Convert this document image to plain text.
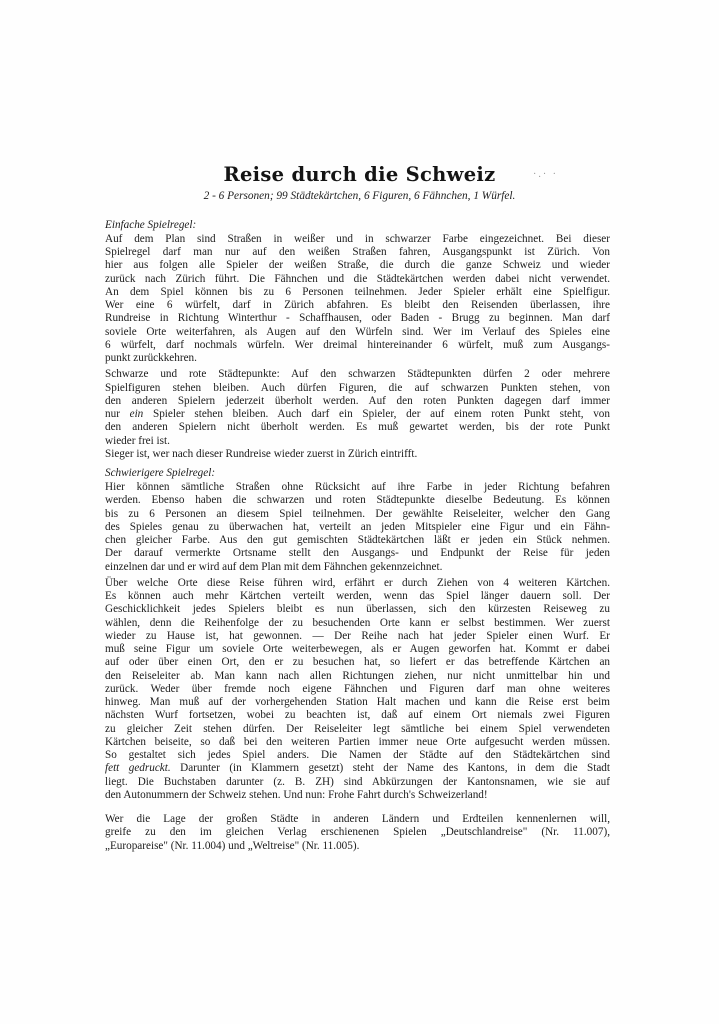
Reise durch die Schweiz	·.· ·
2 - 6 Personen; 99 Städtekärtchen, 6 Figuren, 6 Fähnchen, 1 Würfel.

Einfache Spielregel:

Auf dem Plan sind Straßen in weißer und in schwarzer Farbe eingezeichnet. Bei dieser
Spielregel darf man nur auf den weißen Straßen fahren, Ausgangspunkt ist Zürich. Von
hier aus folgen alle Spieler der weißen Straße, die durch die ganze Schweiz und wieder
zurück nach Zürich führt. Die Fähnchen und die Städtekärtchen werden dabei nicht verwendet.
An dem Spiel können bis zu 6 Personen teilnehmen. Jeder Spieler erhält eine Spielfigur.
Wer eine 6 würfelt, darf in Zürich abfahren. Es bleibt den Reisenden überlassen, ihre
Rundreise in Richtung Winterthur - Schaffhausen, oder Baden - Brugg zu beginnen. Man darf
soviele Orte weiterfahren, als Augen auf den Würfeln sind. Wer im Verlauf des Spieles eine
6 würfelt, darf nochmals würfeln. Wer dreimal hintereinander 6 würfelt, muß zum Ausgangs-
punkt zurückkehren.

Schwarze und rote Städtepunkte: Auf den schwarzen Städtepunkten dürfen 2 oder mehrere
Spielfiguren stehen bleiben. Auch dürfen Figuren, die auf schwarzen Punkten stehen, von
den anderen Spielern jederzeit überholt werden. Auf den roten Punkten dagegen darf immer
nur ein Spieler stehen bleiben. Auch darf ein Spieler, der auf einem roten Punkt steht, von
den anderen Spielern nicht überholt werden. Es muß gewartet werden, bis der rote Punkt
wieder frei ist.

Sieger ist, wer nach dieser Rundreise wieder zuerst in Zürich eintrifft.

Schwierigere Spielregel:

Hier können sämtliche Straßen ohne Rücksicht auf ihre Farbe in jeder Richtung befahren
werden. Ebenso haben die schwarzen und roten Städtepunkte dieselbe Bedeutung. Es können
bis zu 6 Personen an diesem Spiel teilnehmen. Der gewählte Reiseleiter, welcher den Gang
des Spieles genau zu überwachen hat, verteilt an jeden Mitspieler eine Figur und ein Fähn-
chen gleicher Farbe. Aus den gut gemischten Städtekärtchen läßt er jeden ein Stück nehmen.
Der darauf vermerkte Ortsname stellt den Ausgangs- und Endpunkt der Reise für jeden
einzelnen dar und er wird auf dem Plan mit dem Fähnchen gekennzeichnet.

Über welche Orte diese Reise führen wird, erfährt er durch Ziehen von 4 weiteren Kärtchen.
Es können auch mehr Kärtchen verteilt werden, wenn das Spiel länger dauern soll. Der
Geschicklichkeit jedes Spielers bleibt es nun überlassen, sich den kürzesten Reiseweg zu
wählen, denn die Reihenfolge der zu besuchenden Orte kann er selbst bestimmen. Wer zuerst
wieder zu Hause ist, hat gewonnen. — Der Reihe nach hat jeder Spieler einen Wurf. Er
muß seine Figur um soviele Orte weiterbewegen, als er Augen geworfen hat. Kommt er dabei
auf oder über einen Ort, den er zu besuchen hat, so liefert er das betreffende Kärtchen an
den Reiseleiter ab. Man kann nach allen Richtungen ziehen, nur nicht unmittelbar hin und
zurück. Weder über fremde noch eigene Fähnchen und Figuren darf man ohne weiteres
hinweg. Man muß auf der vorhergehenden Station Halt machen und kann die Reise erst beim
nächsten Wurf fortsetzen, wobei zu beachten ist, daß auf einem Ort niemals zwei Figuren
zu gleicher Zeit stehen dürfen. Der Reiseleiter legt sämtliche bei einem Spiel verwendeten
Kärtchen beiseite, so daß bei den weiteren Partien immer neue Orte aufgesucht werden müssen.
So gestaltet sich jedes Spiel anders. Die Namen der Städte auf den Städtekärtchen sind
fett gedruckt. Darunter (in Klammern gesetzt) steht der Name des Kantons, in dem die Stadt
liegt. Die Buchstaben darunter (z. B. ZH) sind Abkürzungen der Kantonsnamen, wie sie auf
den Autonummern der Schweiz stehen. Und nun: Frohe Fahrt durch's Schweizerland!

Wer die Lage der großen Städte in anderen Ländern und Erdteilen kennenlernen will,
greife zu den im gleichen Verlag erschienenen Spielen „Deutschlandreise" (Nr. 11.007),
„Europareise" (Nr. 11.004) und „Weltreise" (Nr. 11.005).
